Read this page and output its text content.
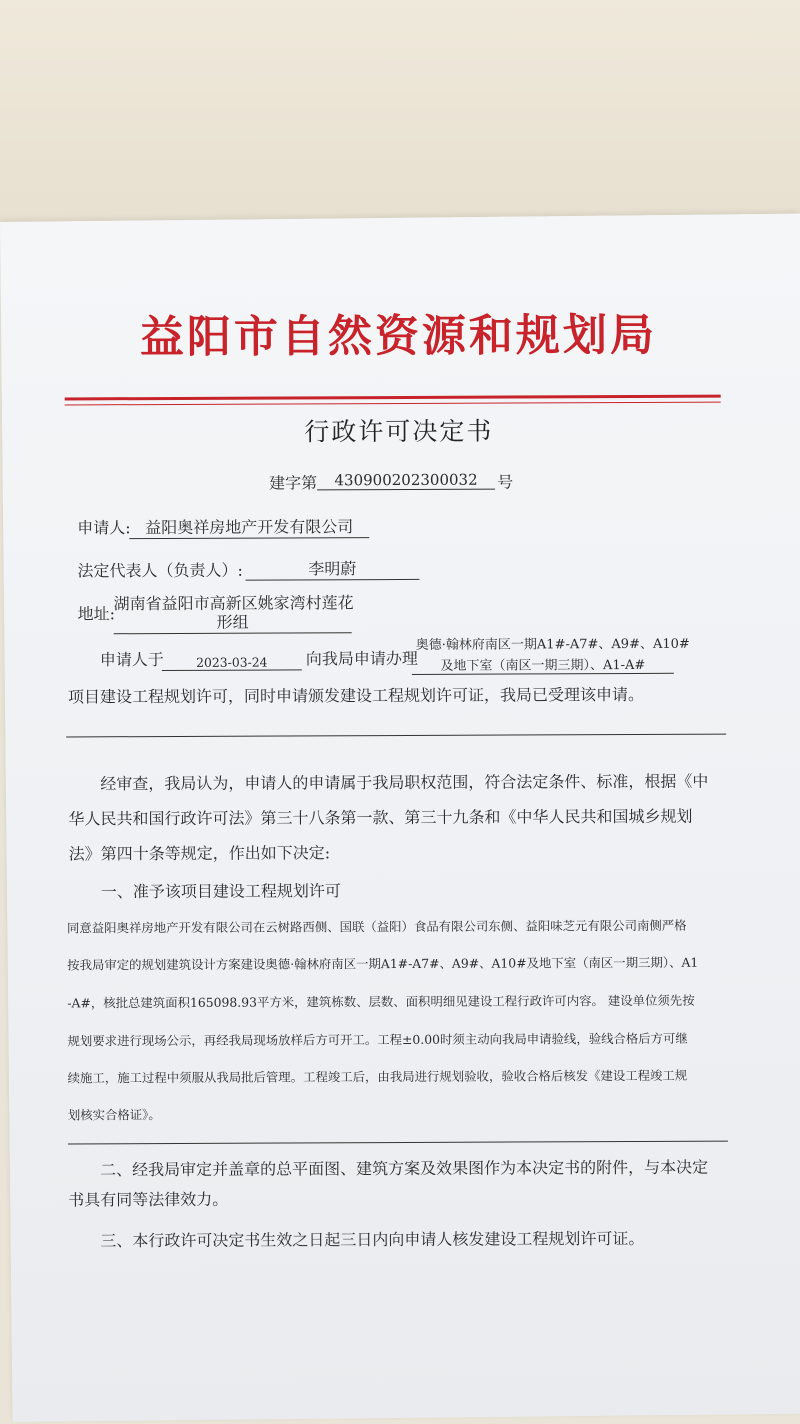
益阳市自然资源和规划局
行政许可决定书
建字第	430900202300032	号
申请人: 益阳奥祥房地产开发有限公司
法定代表人（负责人）:	李明蔚
地址:
湖南省益阳市高新区姚家湾村莲花
形组
申请人于	2023-03-24	向我局申请办理
奥德·翰林府南区一期A1#-A7#、A9#、A10#
及地下室（南区一期三期）、A1-A#
项目建设工程规划许可，同时申请颁发建设工程规划许可证，我局已受理该申请。
经审查，我局认为，申请人的申请属于我局职权范围，符合法定条件、标准，根据《中
华人民共和国行政许可法》第三十八条第一款、第三十九条和《中华人民共和国城乡规划
法》第四十条等规定，作出如下决定:
一、准予该项目建设工程规划许可
同意益阳奥祥房地产开发有限公司在云树路西侧、国联（益阳）食品有限公司东侧、益阳味芝元有限公司南侧严格
按我局审定的规划建筑设计方案建设奥德·翰林府南区一期A1#-A7#、A9#、A10#及地下室（南区一期三期）、A1
-A#，核批总建筑面积165098.93平方米，建筑栋数、层数、面积明细见建设工程行政许可内容。 建设单位须先按
规划要求进行现场公示，再经我局现场放样后方可开工。工程±0.00时须主动向我局申请验线，验线合格后方可继
续施工，施工过程中须服从我局批后管理。工程竣工后，由我局进行规划验收，验收合格后核发《建设工程竣工规
划核实合格证》。
二、经我局审定并盖章的总平面图、建筑方案及效果图作为本决定书的附件，与本决定
书具有同等法律效力。
三、本行政许可决定书生效之日起三日内向申请人核发建设工程规划许可证。
